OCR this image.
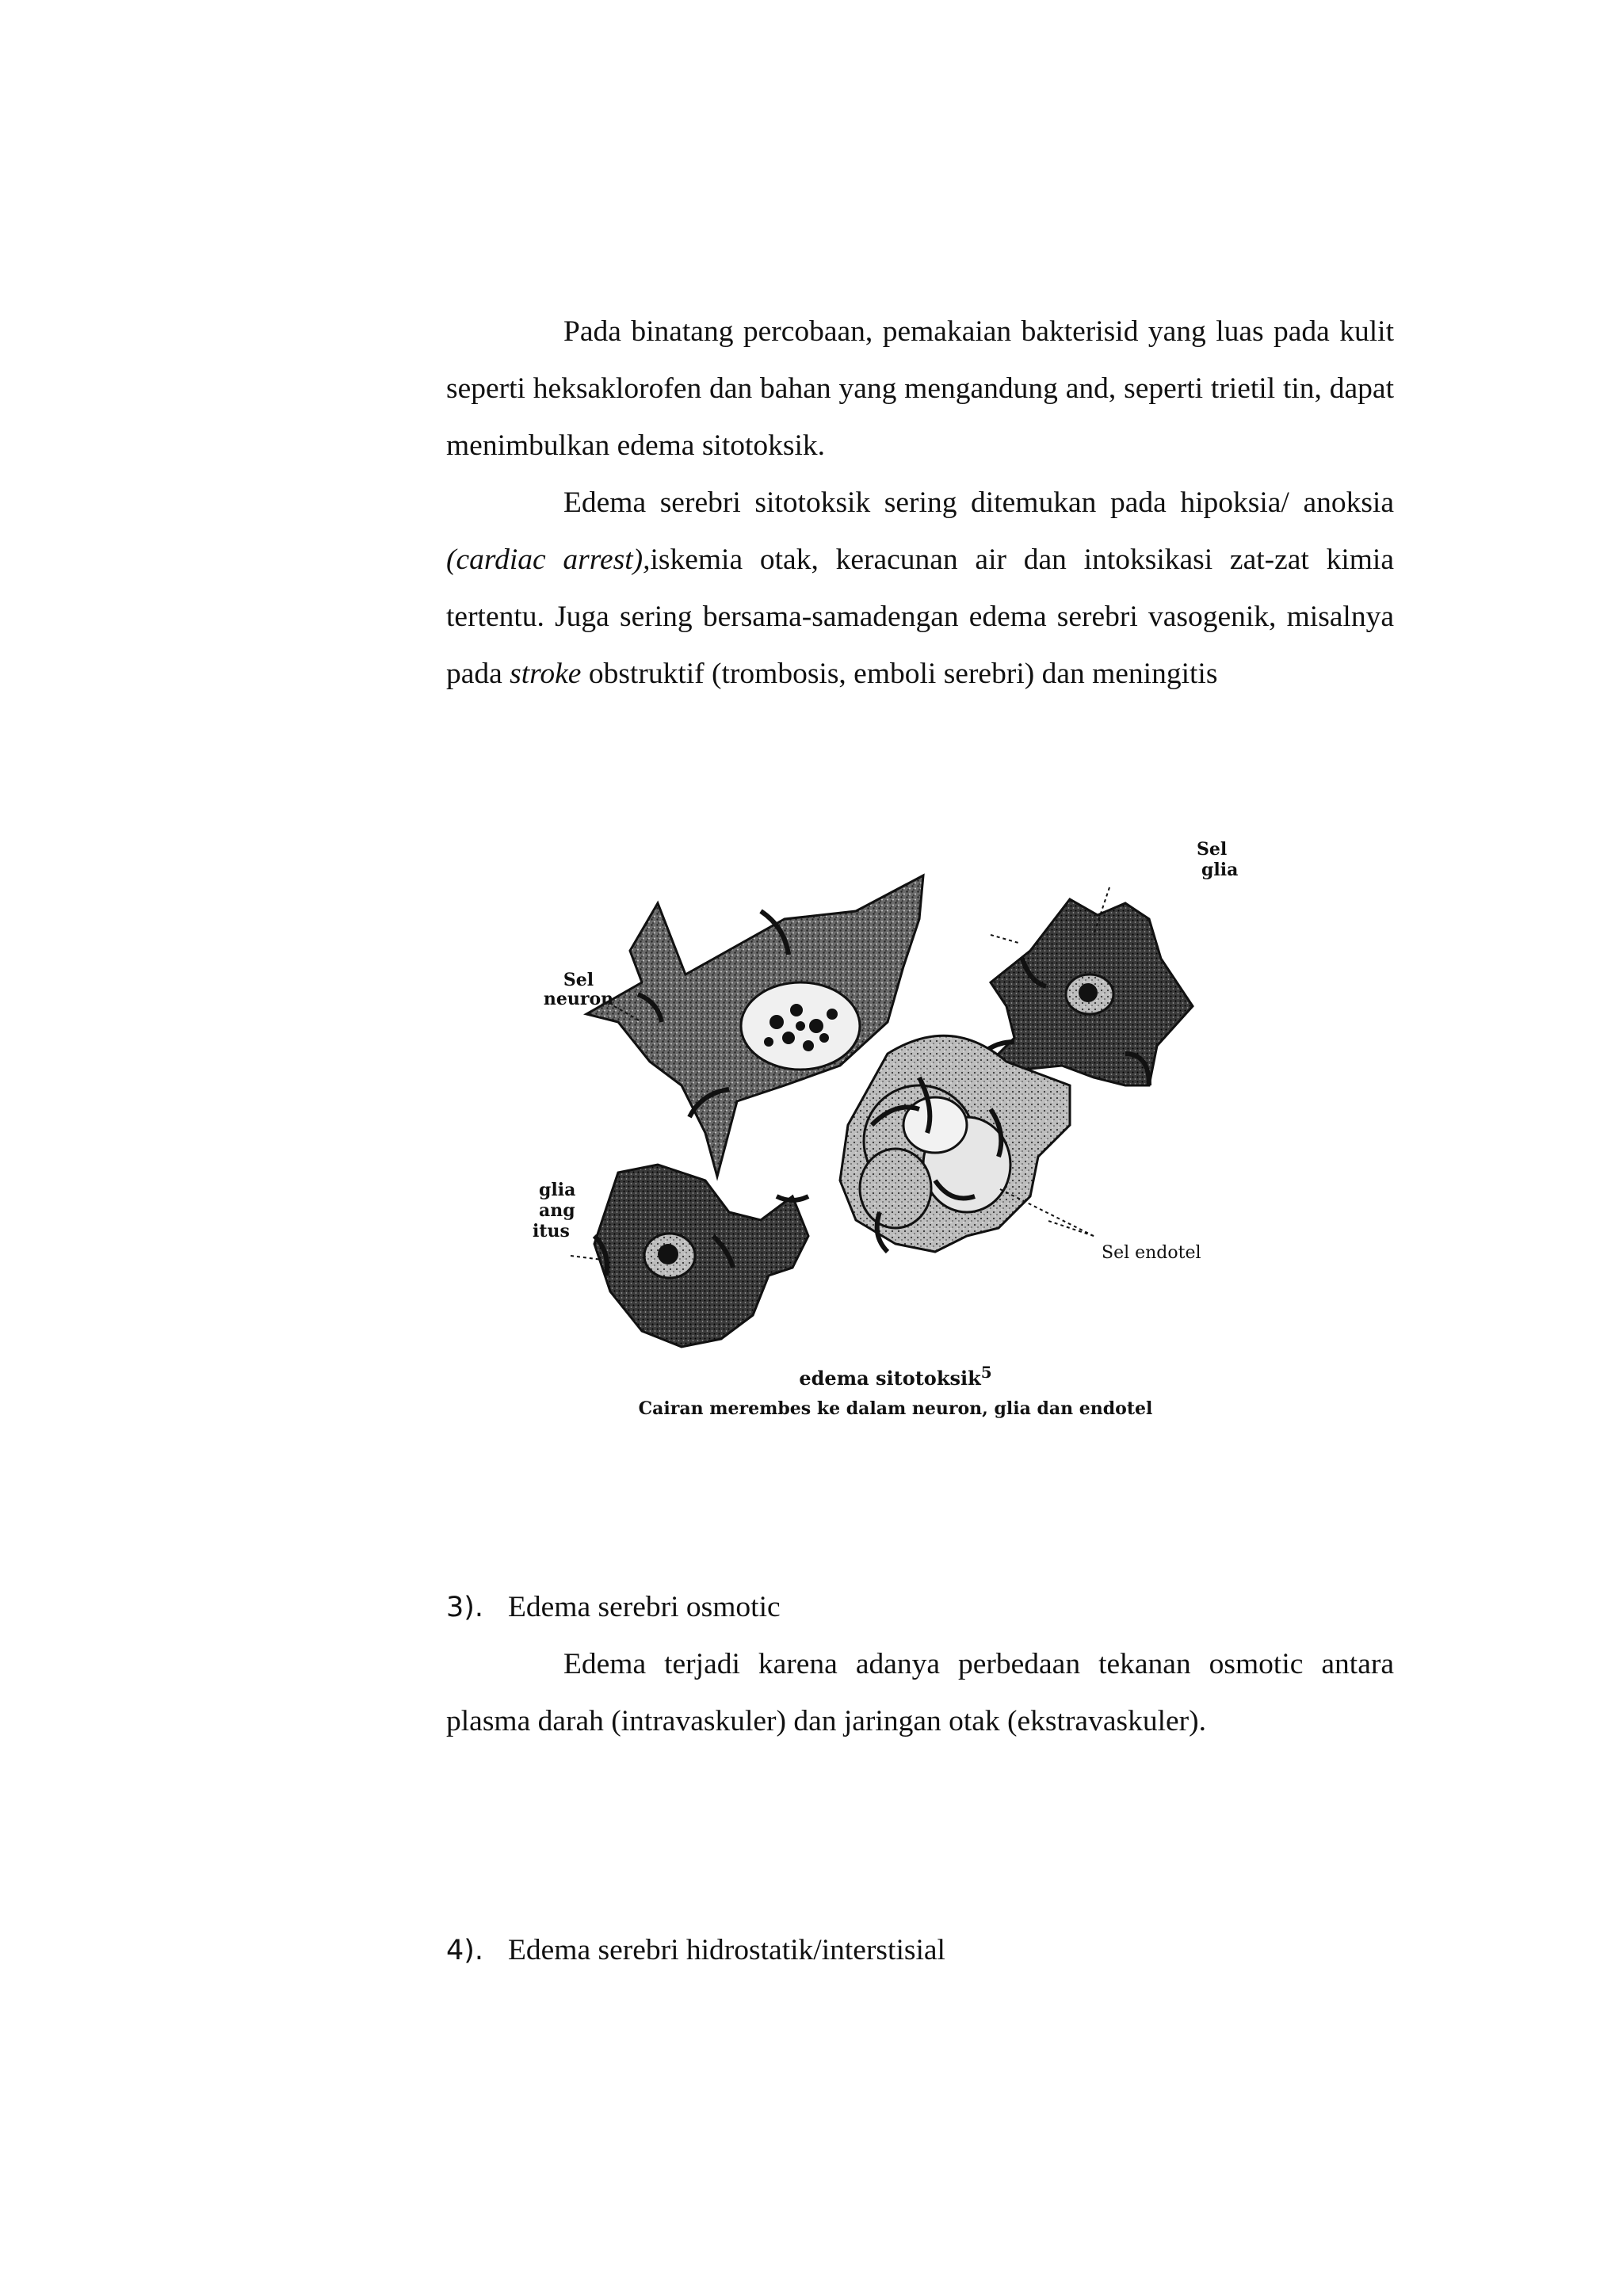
Pada binatang percobaan, pemakaian bakterisid yang luas pada kulit seperti heksaklorofen dan bahan yang mengandung and, seperti trietil tin, dapat menimbulkan edema sitotoksik.

Edema serebri sitotoksik sering ditemukan pada hipoksia/ anoksia (cardiac arrest),iskemia otak, keracunan air dan intoksikasi zat-zat kimia tertentu. Juga sering bersama-samadengan edema serebri vasogenik, misalnya pada stroke obstruktif (trombosis, emboli serebri) dan meningitis

Sel neuron
Sel
glia
glia
ang
itus
Sel endotel
edema sitotoksik$^5$
Cairan merembes ke dalam neuron, glia dan endotel
3). Edema serebri osmotic

Edema terjadi karena adanya perbedaan tekanan osmotic antara plasma darah (intravaskuler) dan jaringan otak (ekstravaskuler).

4). Edema serebri hidrostatik/interstisial
